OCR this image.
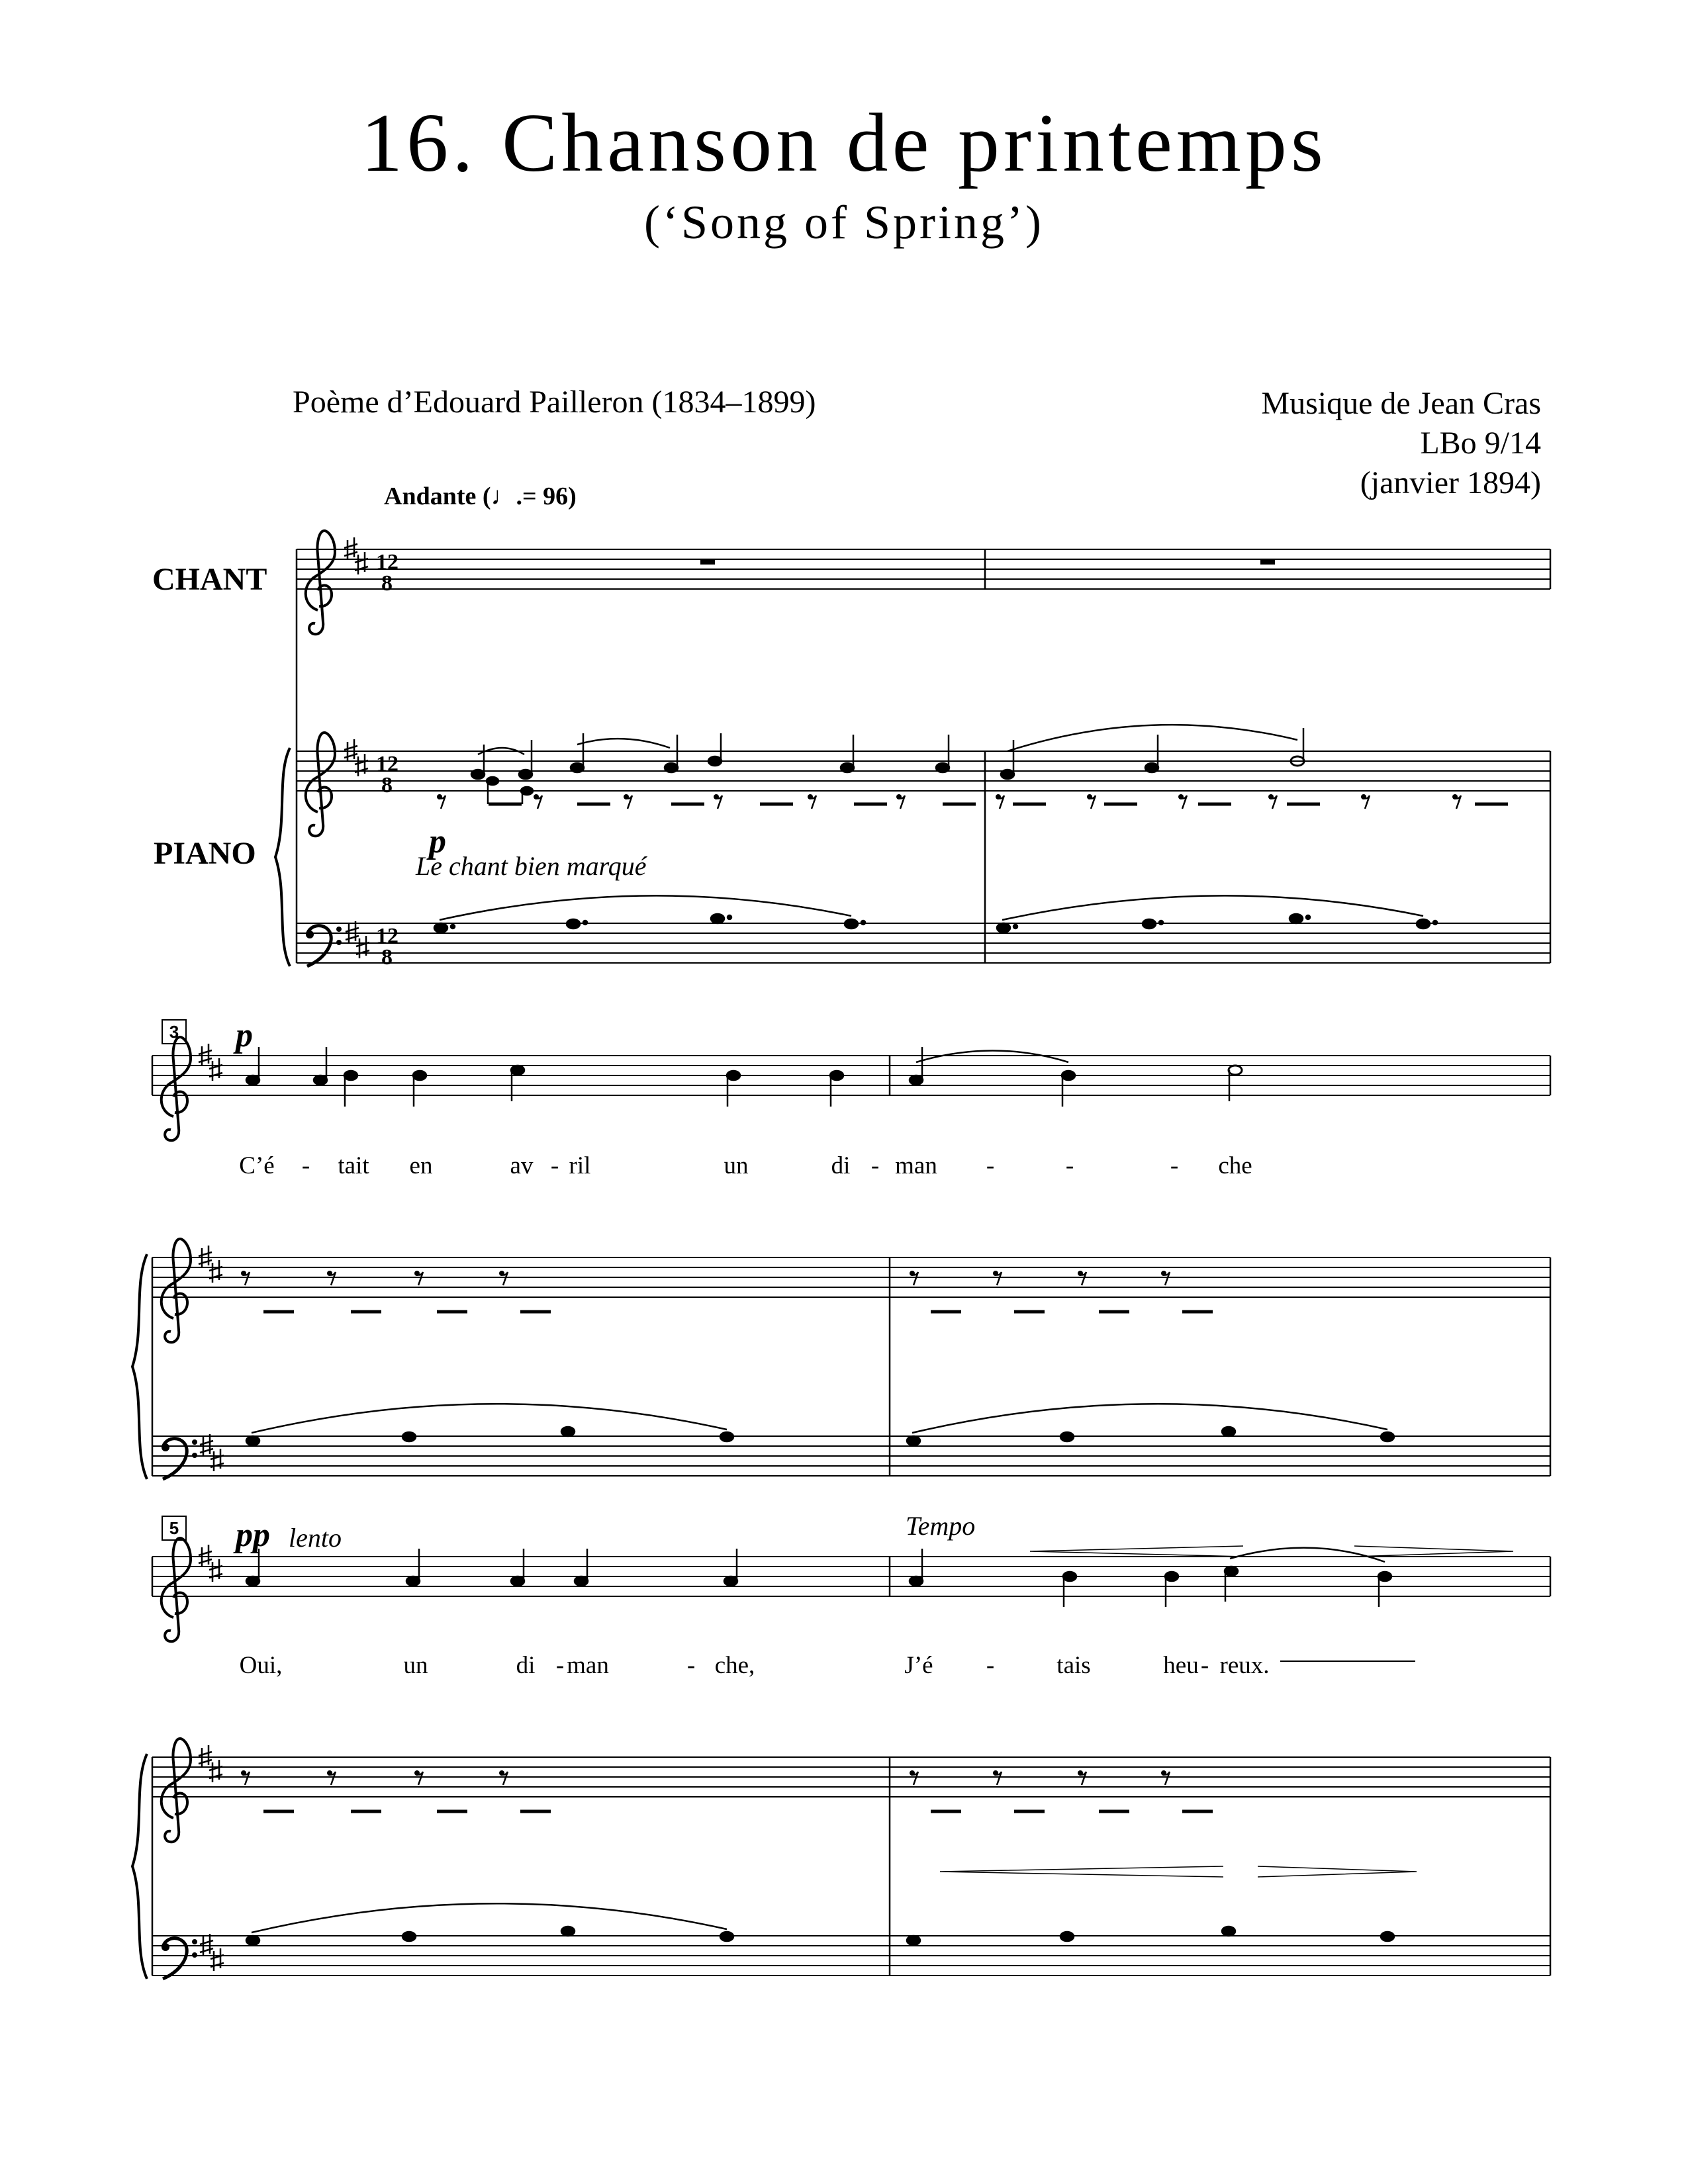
16. Chanson de printemps
(‘Song of Spring’)
Poème d’Edouard Pailleron (1834–1899)	Musique de Jean Cras
LBo 9/14
(janvier 1894)
Andante (♩.= 96)
CHANT
PIANO	p
Le chant bien marqué
3
5
p
pp lento	Tempo
C’é - tait en	av - ril	un	di - man -	-	- che
Oui,	un	di - man	- che,	J’é -	tais	heu - reux.
12
8
12
8
12
8
